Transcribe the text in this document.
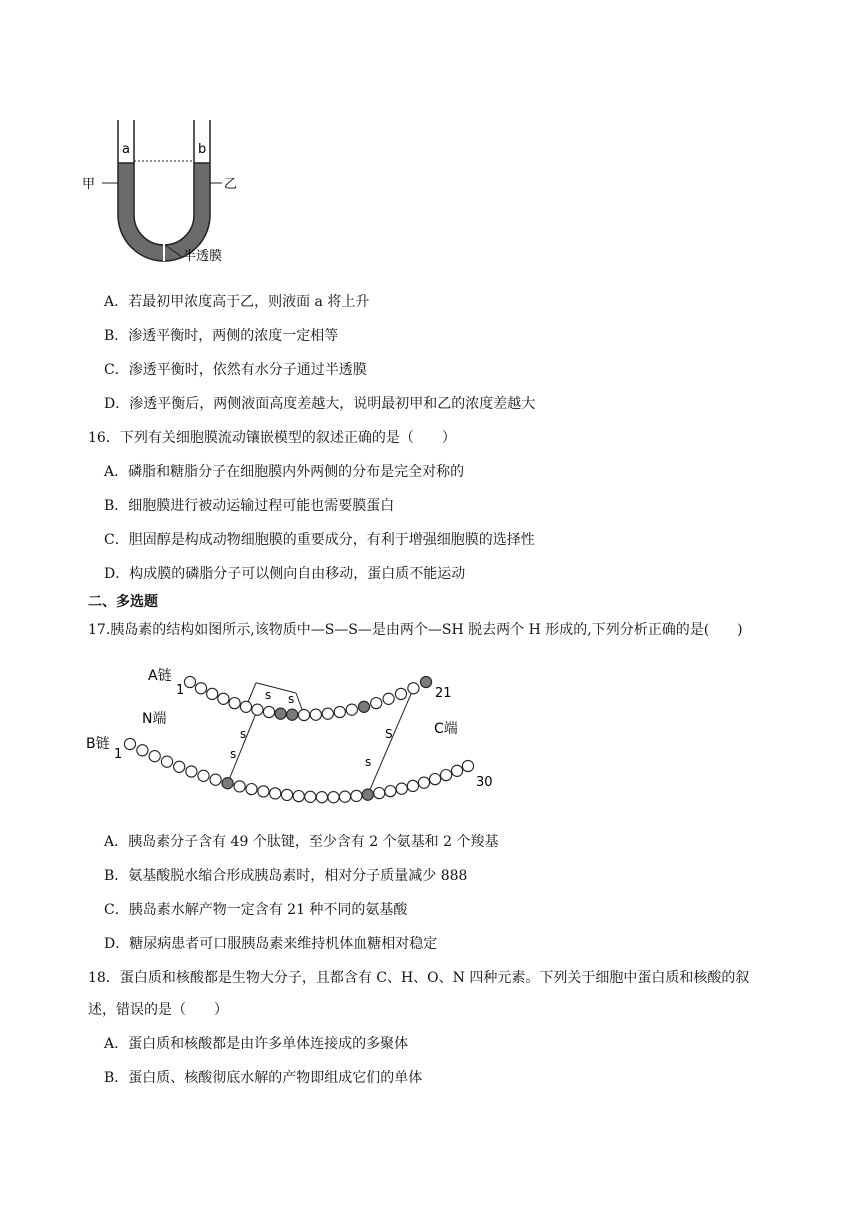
a	b
甲	乙
半透膜
A．若最初甲浓度高于乙，则液面 a 将上升
B．渗透平衡时，两侧的浓度一定相等
C．渗透平衡时，依然有水分子通过半透膜
D．渗透平衡后，两侧液面高度差越大，说明最初甲和乙的浓度差越大
16．下列有关细胞膜流动镶嵌模型的叙述正确的是（　　）
A．磷脂和糖脂分子在细胞膜内外两侧的分布是完全对称的
B．细胞膜进行被动运输过程可能也需要膜蛋白
C．胆固醇是构成动物细胞膜的重要成分，有利于增强细胞膜的选择性
D．构成膜的磷脂分子可以侧向自由移动，蛋白质不能运动
二、多选题
17.胰岛素的结构如图所示,该物质中—S—S—是由两个—SH 脱去两个 H 形成的,下列分析正确的是(　　)
A链
1	21
N端
C端
B链
1
30
s s
s
s
S
s
A．胰岛素分子含有 49 个肽键，至少含有 2 个氨基和 2 个羧基
B．氨基酸脱水缩合形成胰岛素时，相对分子质量减少 888
C．胰岛素水解产物一定含有 21 种不同的氨基酸
D．糖尿病患者可口服胰岛素来维持机体血糖相对稳定
18．蛋白质和核酸都是生物大分子，且都含有 C、H、O、N 四种元素。下列关于细胞中蛋白质和核酸的叙
述，错误的是（　　）
A．蛋白质和核酸都是由许多单体连接成的多聚体
B．蛋白质、核酸彻底水解的产物即组成它们的单体
